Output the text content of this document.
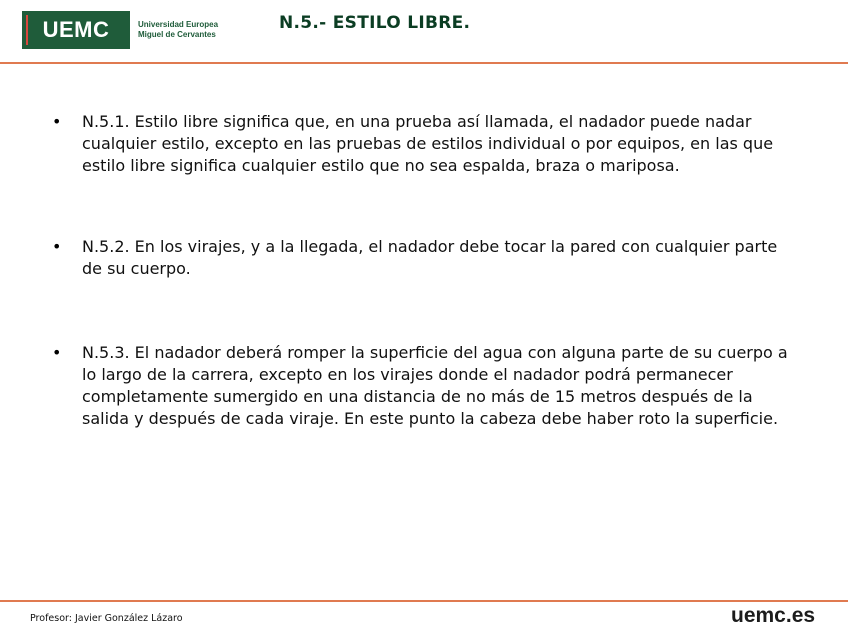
UEMC	Universidad Europea
Miguel de Cervantes
N.5.- ESTILO LIBRE.
• N.5.1. Estilo libre significa que, en una prueba así llamada, el nadador puede nadar cualquier estilo, excepto en las pruebas de estilos individual o por equipos, en las que estilo libre significa cualquier estilo que no sea espalda, braza o mariposa.
• N.5.2. En los virajes, y a la llegada, el nadador debe tocar la pared con cualquier parte de su cuerpo.
• N.5.3. El nadador deberá romper la superficie del agua con alguna parte de su cuerpo a lo largo de la carrera, excepto en los virajes donde el nadador podrá permanecer completamente sumergido en una distancia de no más de 15 metros después de la salida y después de cada viraje. En este punto la cabeza debe haber roto la superficie.
Profesor: Javier González Lázaro	uemc.es
